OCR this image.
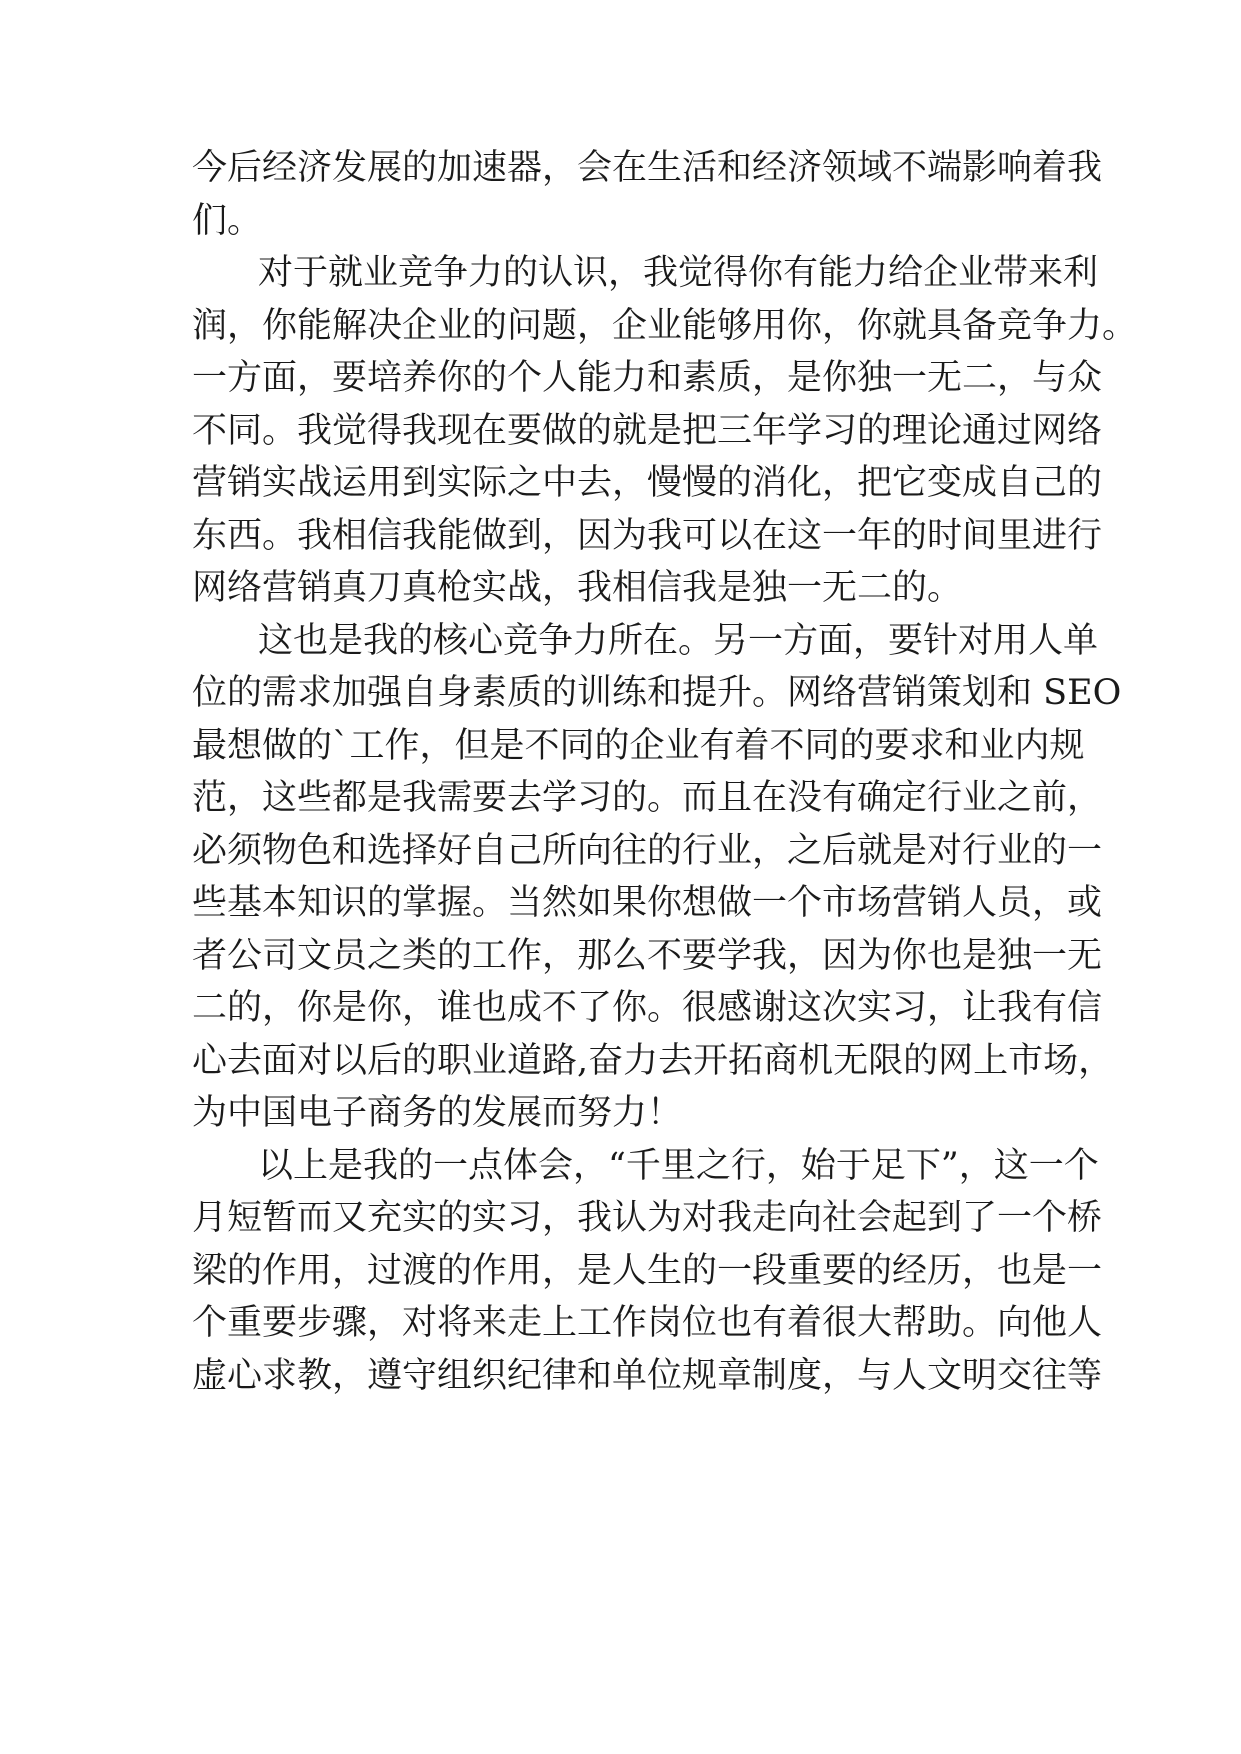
今后经济发展的加速器，会在生活和经济领域不端影响着我
们。
对于就业竞争力的认识，我觉得你有能力给企业带来利
润，你能解决企业的问题，企业能够用你，你就具备竞争力。
一方面，要培养你的个人能力和素质，是你独一无二，与众
不同。我觉得我现在要做的就是把三年学习的理论通过网络
营销实战运用到实际之中去，慢慢的消化，把它变成自己的
东西。我相信我能做到，因为我可以在这一年的时间里进行
网络营销真刀真枪实战，我相信我是独一无二的。
这也是我的核心竞争力所在。另一方面，要针对用人单
位的需求加强自身素质的训练和提升。网络营销策划和 SEO
最想做的`工作，但是不同的企业有着不同的要求和业内规
范，这些都是我需要去学习的。而且在没有确定行业之前，
必须物色和选择好自己所向往的行业，之后就是对行业的一
些基本知识的掌握。当然如果你想做一个市场营销人员，或
者公司文员之类的工作，那么不要学我，因为你也是独一无
二的，你是你，谁也成不了你。很感谢这次实习，让我有信
心去面对以后的职业道路,奋力去开拓商机无限的网上市场，
为中国电子商务的发展而努力！
以上是我的一点体会，“千里之行，始于足下”，这一个
月短暂而又充实的实习，我认为对我走向社会起到了一个桥
梁的作用，过渡的作用，是人生的一段重要的经历，也是一
个重要步骤，对将来走上工作岗位也有着很大帮助。向他人
虚心求教，遵守组织纪律和单位规章制度，与人文明交往等
